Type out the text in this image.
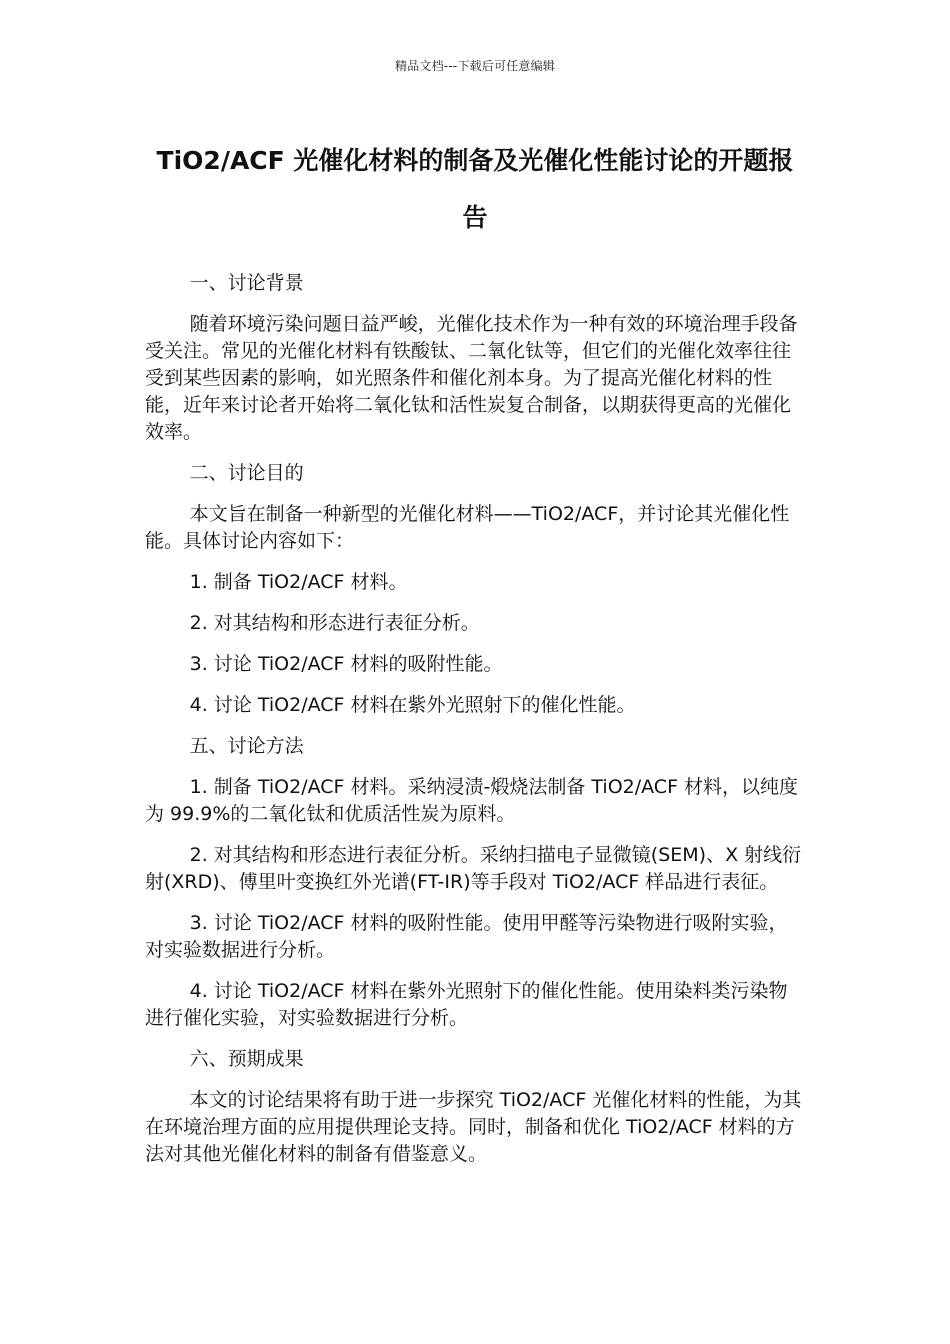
精品文档---下载后可任意编辑
TiO2/ACF 光催化材料的制备及光催化性能讨论的开题报告

一、讨论背景

随着环境污染问题日益严峻，光催化技术作为一种有效的环境治理手段备受关注。常见的光催化材料有铁酸钛、二氧化钛等，但它们的光催化效率往往受到某些因素的影响，如光照条件和催化剂本身。为了提高光催化材料的性能，近年来讨论者开始将二氧化钛和活性炭复合制备，以期获得更高的光催化效率。

二、讨论目的

本文旨在制备一种新型的光催化材料——TiO2/ACF，并讨论其光催化性能。具体讨论内容如下：

1. 制备 TiO2/ACF 材料。

2. 对其结构和形态进行表征分析。

3. 讨论 TiO2/ACF 材料的吸附性能。

4. 讨论 TiO2/ACF 材料在紫外光照射下的催化性能。

五、讨论方法

1. 制备 TiO2/ACF 材料。采纳浸渍-煅烧法制备 TiO2/ACF 材料，以纯度为 99.9%的二氧化钛和优质活性炭为原料。

2. 对其结构和形态进行表征分析。采纳扫描电子显微镜(SEM)、X 射线衍射(XRD)、傅里叶变换红外光谱(FT-IR)等手段对 TiO2/ACF 样品进行表征。

3. 讨论 TiO2/ACF 材料的吸附性能。使用甲醛等污染物进行吸附实验，对实验数据进行分析。

4. 讨论 TiO2/ACF 材料在紫外光照射下的催化性能。使用染料类污染物进行催化实验，对实验数据进行分析。

六、预期成果

本文的讨论结果将有助于进一步探究 TiO2/ACF 光催化材料的性能，为其在环境治理方面的应用提供理论支持。同时，制备和优化 TiO2/ACF 材料的方法对其他光催化材料的制备有借鉴意义。
